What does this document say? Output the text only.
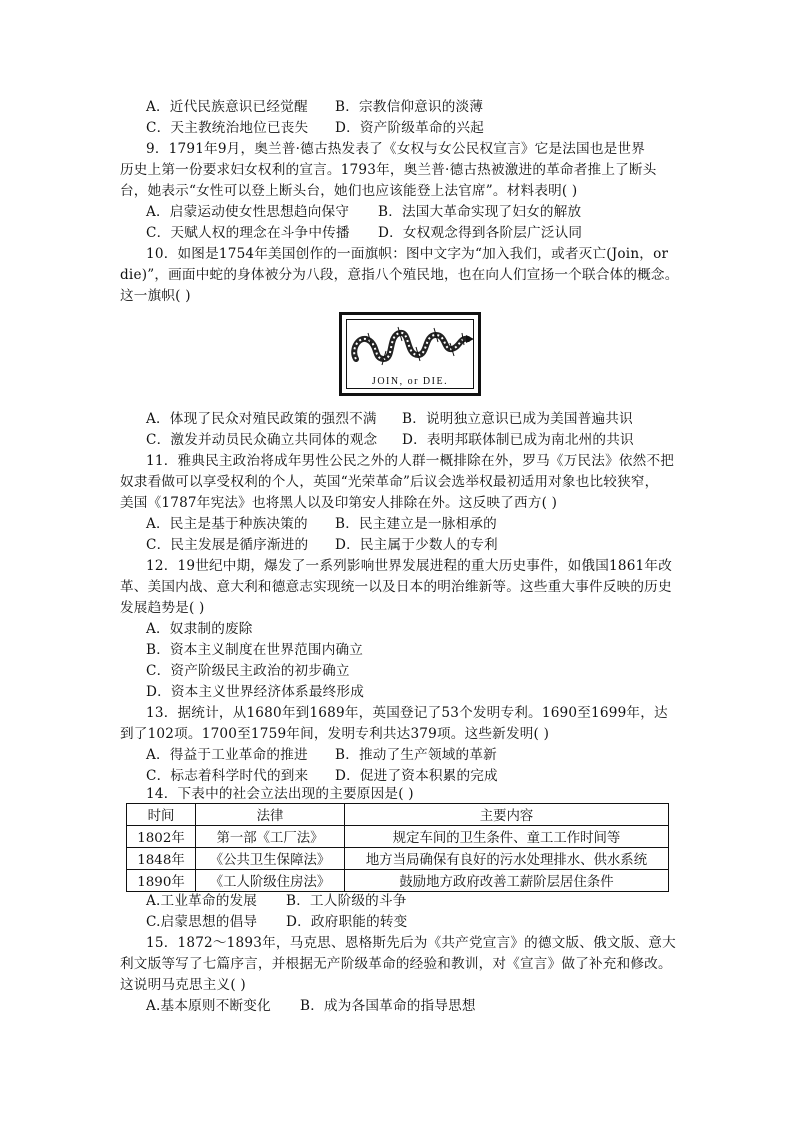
A．近代民族意识已经觉醒 B．宗教信仰意识的淡薄
C．天主教统治地位已丧失 D．资产阶级革命的兴起
9．1791年9月，奥兰普·德古热发表了《女权与女公民权宣言》它是法国也是世界
历史上第一份要求妇女权利的宣言。1793年，奥兰普·德古热被激进的革命者推上了断头
台，她表示“女性可以登上断头台，她们也应该能登上法官席”。材料表明( )
A．启蒙运动使女性思想趋向保守 B．法国大革命实现了妇女的解放
C．天赋人权的理念在斗争中传播 D．女权观念得到各阶层广泛认同
10．如图是1754年美国创作的一面旗帜：图中文字为“加入我们，或者灭亡(Join，or
die)”，画面中蛇的身体被分为八段，意指八个殖民地，也在向人们宣扬一个联合体的概念。
这一旗帜( )
JOIN, or DIE.
A．体现了民众对殖民政策的强烈不满 B．说明独立意识已成为美国普遍共识
C．激发并动员民众确立共同体的观念 D．表明邦联体制已成为南北州的共识
11．雅典民主政治将成年男性公民之外的人群一概排除在外，罗马《万民法》依然不把
奴隶看做可以享受权利的个人，英国“光荣革命”后议会选举权最初适用对象也比较狭窄，
美国《1787年宪法》也将黑人以及印第安人排除在外。这反映了西方( )
A．民主是基于种族决策的 B．民主建立是一脉相承的
C．民主发展是循序渐进的 D．民主属于少数人的专利
12．19世纪中期，爆发了一系列影响世界发展进程的重大历史事件，如俄国1861年改
革、美国内战、意大利和德意志实现统一以及日本的明治维新等。这些重大事件反映的历史
发展趋势是( )
A．奴隶制的废除
B．资本主义制度在世界范围内确立
C．资产阶级民主政治的初步确立
D．资本主义世界经济体系最终形成
13．据统计，从1680年到1689年，英国登记了53个发明专利。1690至1699年，达
到了102项。1700至1759年间，发明专利共达379项。这些新发明( )
A．得益于工业革命的推进 B．推动了生产领域的革新
C．标志着科学时代的到来 D．促进了资本积累的完成
14．下表中的社会立法出现的主要原因是( )
时间	法律	主要内容
1802年	第一部《工厂法》	规定车间的卫生条件、童工工作时间等
1848年	《公共卫生保障法》	地方当局确保有良好的污水处理排水、供水系统
1890年	《工人阶级住房法》	鼓励地方政府改善工薪阶层居住条件
A.工业革命的发展 B．工人阶级的斗争
C.启蒙思想的倡导 D．政府职能的转变
15．1872～1893年，马克思、恩格斯先后为《共产党宣言》的德文版、俄文版、意大
利文版等写了七篇序言，并根据无产阶级革命的经验和教训，对《宣言》做了补充和修改。
这说明马克思主义( )
A.基本原则不断变化 B．成为各国革命的指导思想
